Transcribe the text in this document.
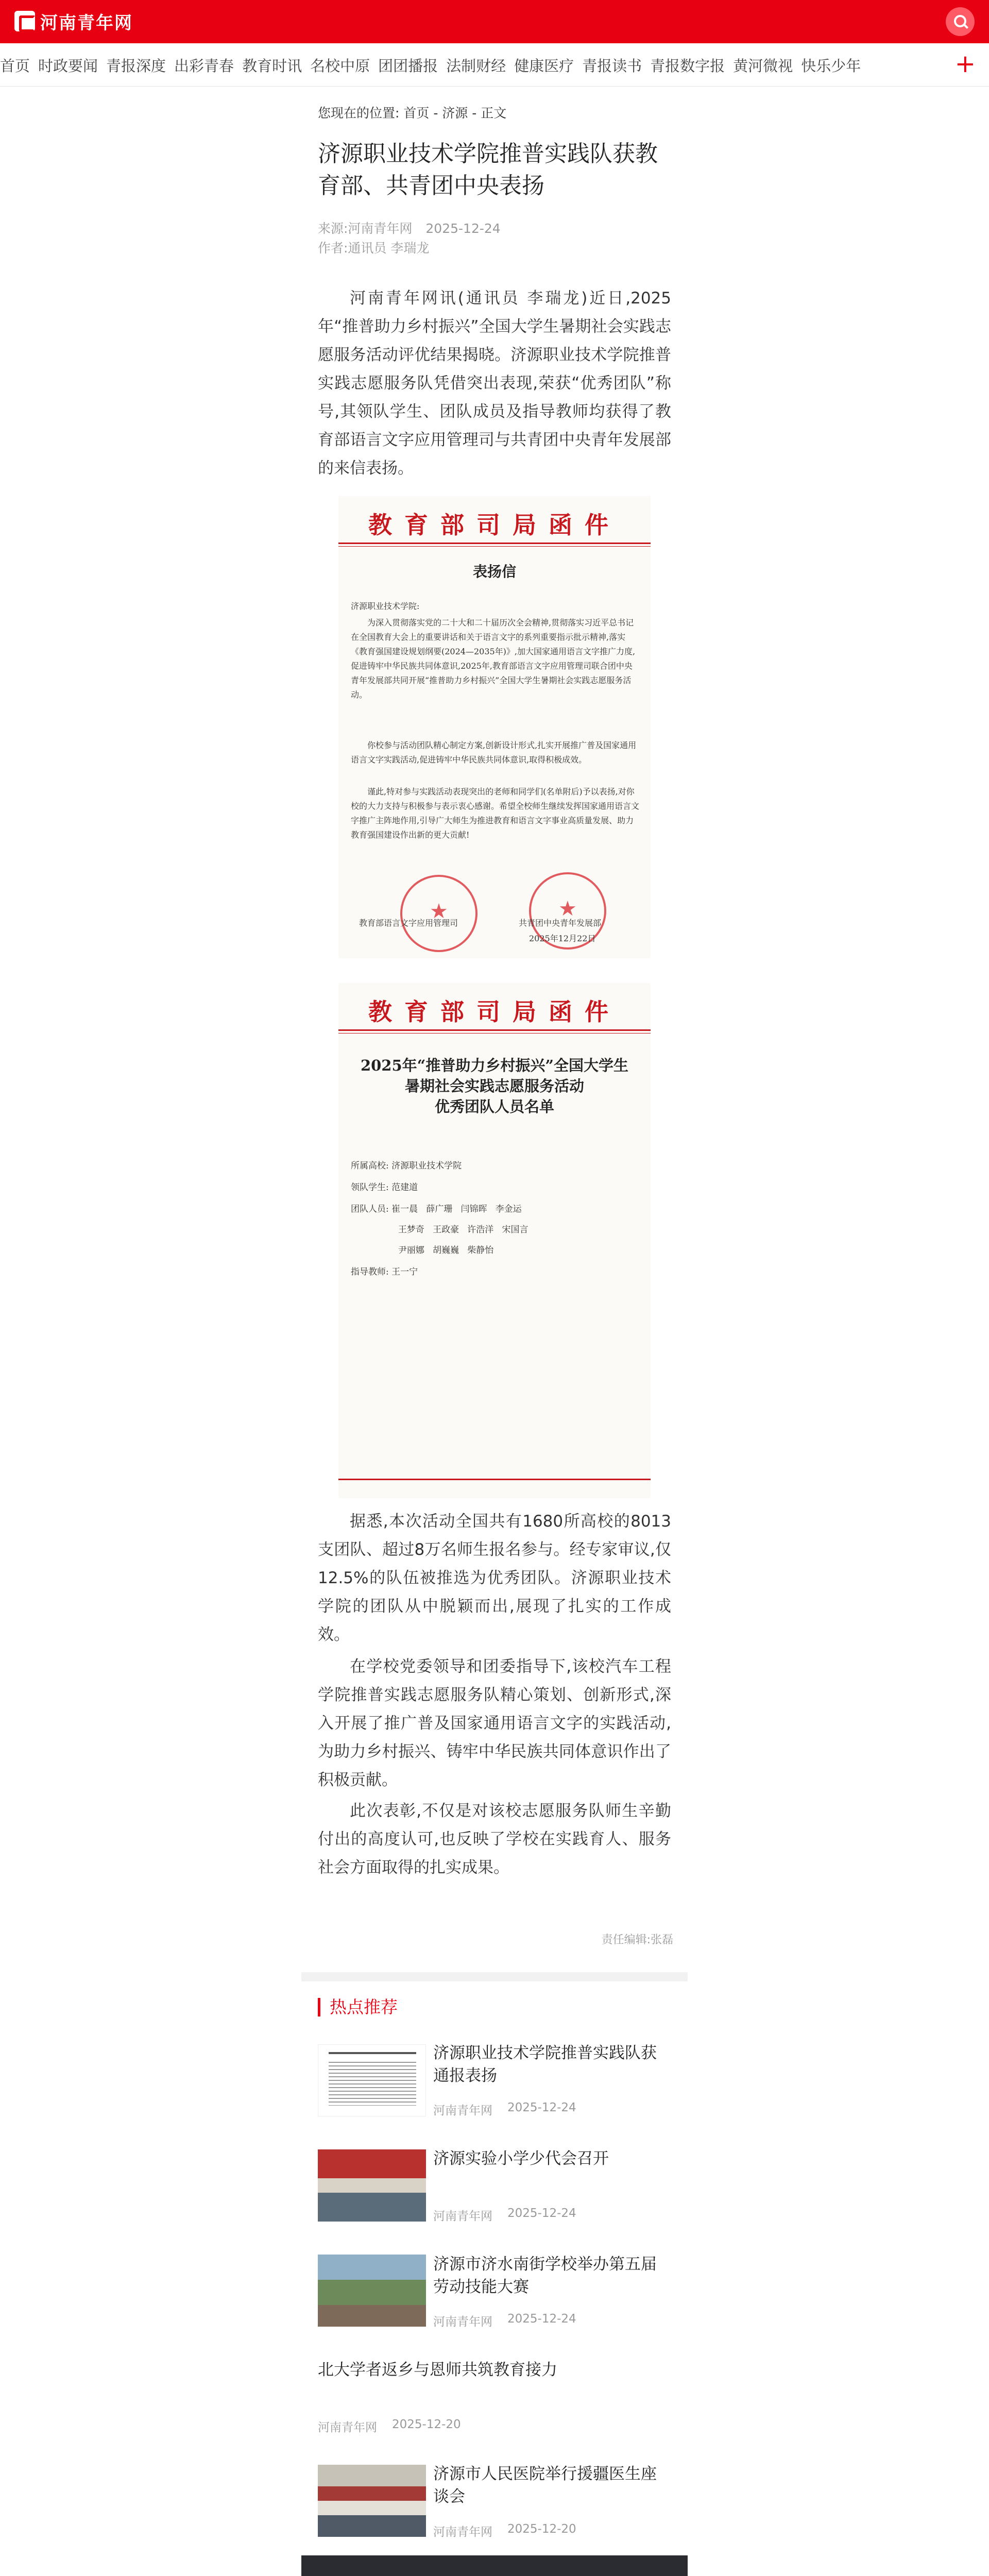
河南青年网
首页 时政要闻 青报深度 出彩青春 教育时讯 名校中原 团团播报 法制财经 健康医疗 青报读书 青报数字报 黄河微视 快乐少年	+
您现在的位置: 首页 - 济源 - 正文
济源职业技术学院推普实践队获教育部、共青团中央表扬
来源:河南青年网 2025-12-24
作者:通讯员 李瑞龙

河南青年网讯(通讯员 李瑞龙)近日,2025年“推普助力乡村振兴”全国大学生暑期社会实践志愿服务活动评优结果揭晓。济源职业技术学院推普实践志愿服务队凭借突出表现,荣获“优秀团队”称号,其领队学生、团队成员及指导教师均获得了教育部语言文字应用管理司与共青团中央青年发展部的来信表扬。

教育部司局函件
表扬信
济源职业技术学院:
为深入贯彻落实党的二十大和二十届历次全会精神,贯彻落实习近平总书记在全国教育大会上的重要讲话和关于语言文字的系列重要指示批示精神,落实《教育强国建设规划纲要(2024—2035年)》,加大国家通用语言文字推广力度,促进铸牢中华民族共同体意识,2025年,教育部语言文字应用管理司联合团中央青年发展部共同开展“推普助力乡村振兴”全国大学生暑期社会实践志愿服务活动。
你校参与活动团队精心制定方案,创新设计形式,扎实开展推广普及国家通用语言文字实践活动,促进铸牢中华民族共同体意识,取得积极成效。
谨此,特对参与实践活动表现突出的老师和同学们(名单附后)予以表扬,对你校的大力支持与积极参与表示衷心感谢。希望全校师生继续发挥国家通用语言文字推广主阵地作用,引导广大师生为推进教育和语言文字事业高质量发展、助力教育强国建设作出新的更大贡献!
★
★
教育部语言文字应用管理司	共青团中央青年发展部
2025年12月22日
教育部司局函件
2025年“推普助力乡村振兴”全国大学生
暑期社会实践志愿服务活动
优秀团队人员名单
所属高校: 济源职业技术学院
领队学生: 范建道
团队人员: 崔一晨   薛广珊   闫锦晖   李金运
王梦奇   王政豪   许浩洋   宋国言
尹丽娜   胡巍巍   柴静怡
指导教师: 王一宁

据悉,本次活动全国共有1680所高校的8013支团队、超过8万名师生报名参与。经专家审议,仅12.5%的队伍被推选为优秀团队。济源职业技术学院的团队从中脱颖而出,展现了扎实的工作成效。

在学校党委领导和团委指导下,该校汽车工程学院推普实践志愿服务队精心策划、创新形式,深入开展了推广普及国家通用语言文字的实践活动,为助力乡村振兴、铸牢中华民族共同体意识作出了积极贡献。

此次表彰,不仅是对该校志愿服务队师生辛勤付出的高度认可,也反映了学校在实践育人、服务社会方面取得的扎实成果。

责任编辑:张磊
热点推荐
济源职业技术学院推普实践队获通报表扬
河南青年网 2025-12-24
济源实验小学少代会召开
河南青年网 2025-12-24
济源市济水南街学校举办第五届劳动技能大赛
河南青年网 2025-12-24
北大学者返乡与恩师共筑教育接力
河南青年网 2025-12-20
济源市人民医院举行援疆医生座谈会
河南青年网 2025-12-20
